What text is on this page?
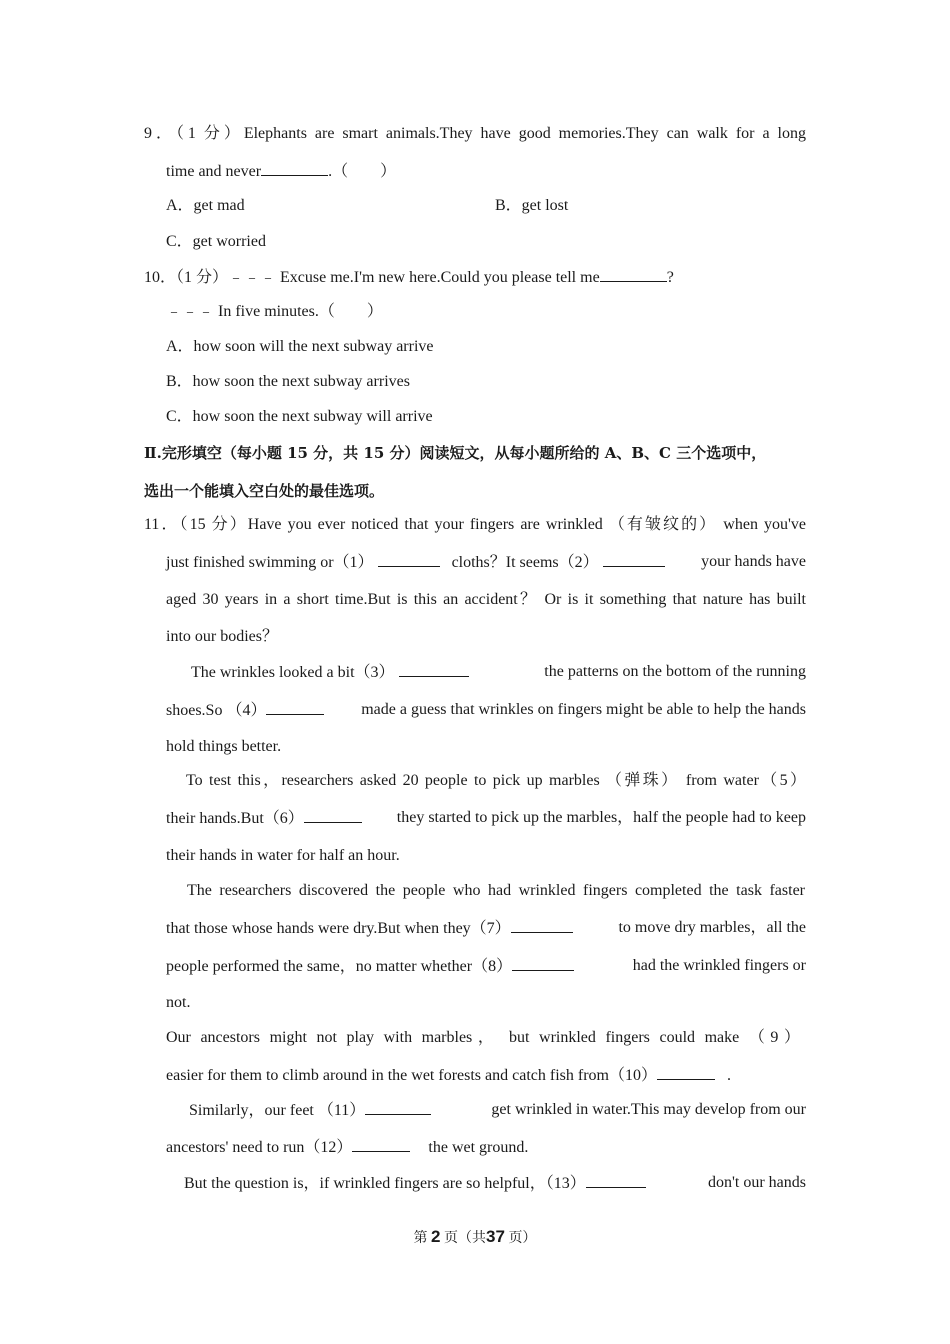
9．（1 分）Elephants are smart animals.They have good memories.They can walk for a long
time and never	.（　　）
A．get mad	B．get lost
C．get worried
10．（1 分）﹣﹣﹣ Excuse me.I'm new here.Could you please tell me	?
﹣﹣﹣ In five minutes.（　　）
A．how soon will the next subway arrive
B．how soon the next subway arrives
C．how soon the next subway will arrive
Ⅱ.完形填空（每小题 15 分，共 15 分）阅读短文，从每小题所给的 A、B、C 三个选项中，
选出一个能填入空白处的最佳选项。
11．（15 分）Have you ever noticed that your fingers are wrinkled （有皱纹的） when you've
just finished swimming or（1）	cloths？It seems（2）	your hands have
aged 30 years in a short time.But is this an accident？ Or is it something that nature has built
into our bodies？
The wrinkles looked a bit（3）	the patterns on the bottom of the running
shoes.So （4）	made a guess that wrinkles on fingers might be able to help the hands
hold things better.
To test this，researchers asked 20 people to pick up marbles （弹珠） from water（5）
their hands.But（6）	they started to pick up the marbles，half the people had to keep
their hands in water for half an hour.
The researchers discovered the people who had wrinkled fingers completed the task faster
that those whose hands were dry.But when they（7）	to move dry marbles，all the
people performed the same，no matter whether（8）	had the wrinkled fingers or
not.
Our ancestors might not play with marbles， but wrinkled fingers could make （9）
easier for them to climb around in the wet forests and catch fish from（10）	.
Similarly，our feet （11）	get wrinkled in water.This may develop from our
ancestors' need to run（12）	the wet ground.
But the question is，if wrinkled fingers are so helpful，（13）	don't our hands
第 2 页（共37 页）
